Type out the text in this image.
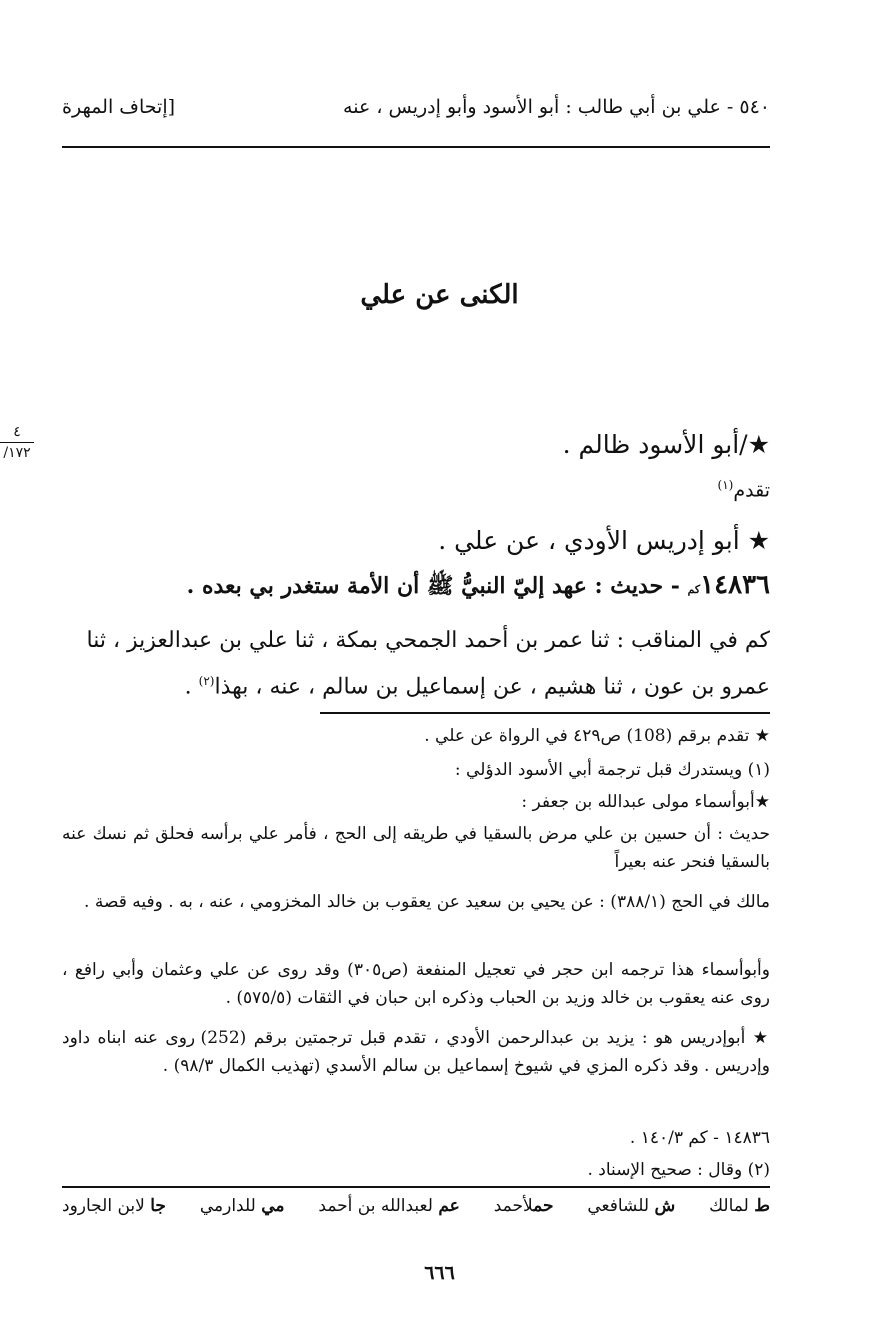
٥٤٠ - علي بن أبي طالب : أبو الأسود وأبو إدريس ، عنه
[إتحاف المهرة
الكنى عن علي
٤
/١٧٢	★/أبو الأسود ظالم .
تقدم$^{(١)}$
★ أبو إدريس الأودي ، عن علي .
١٤٨٣٦كم - حديث : عهد إليّ النبيُّ ﷺ أن الأمة ستغدر بي بعده .
كم في المناقب : ثنا عمر بن أحمد الجمحي بمكة ، ثنا علي بن عبدالعزيز ، ثنا
عمرو بن عون ، ثنا هشيم ، عن إسماعيل بن سالم ، عنه ، بهذا$^{(٢)}$ .
★ تقدم برقم (108) ص٤٢٩ في الرواة عن علي .
(١) ويستدرك قبل ترجمة أبي الأسود الدؤلي :
★أبوأسماء مولى عبدالله بن جعفر :
حديث : أن حسين بن علي مرض بالسقيا في طريقه إلى الحج ، فأمر علي برأسه فحلق ثم نسك عنه بالسقيا فنحر عنه بعيراً
مالك في الحج (٣٨٨/١) : عن يحيي بن سعيد عن يعقوب بن خالد المخزومي ، عنه ، به . وفيه قصة .
وأبوأسماء هذا ترجمه ابن حجر في تعجيل المنفعة (ص٣٠٥) وقد روى عن علي وعثمان وأبي رافع ، روى عنه يعقوب بن خالد وزيد بن الحباب وذكره ابن حبان في الثقات (٥٧٥/٥) .
★ أبوإدريس هو : يزيد بن عبدالرحمن الأودي ، تقدم قبل ترجمتين برقم (252) روى عنه ابناه داود وإدريس . وقد ذكره المزي في شيوخ إسماعيل بن سالم الأسدي (تهذيب الكمال ٩٨/٣) .
١٤٨٣٦ - كم ١٤٠/٣ .
(٢) وقال : صحيح الإسناد .
ط لمالك
ش للشافعي
حملأحمد
عم لعبدالله بن أحمد
مي للدارمي
جا لابن الجارود
٦٦٦
